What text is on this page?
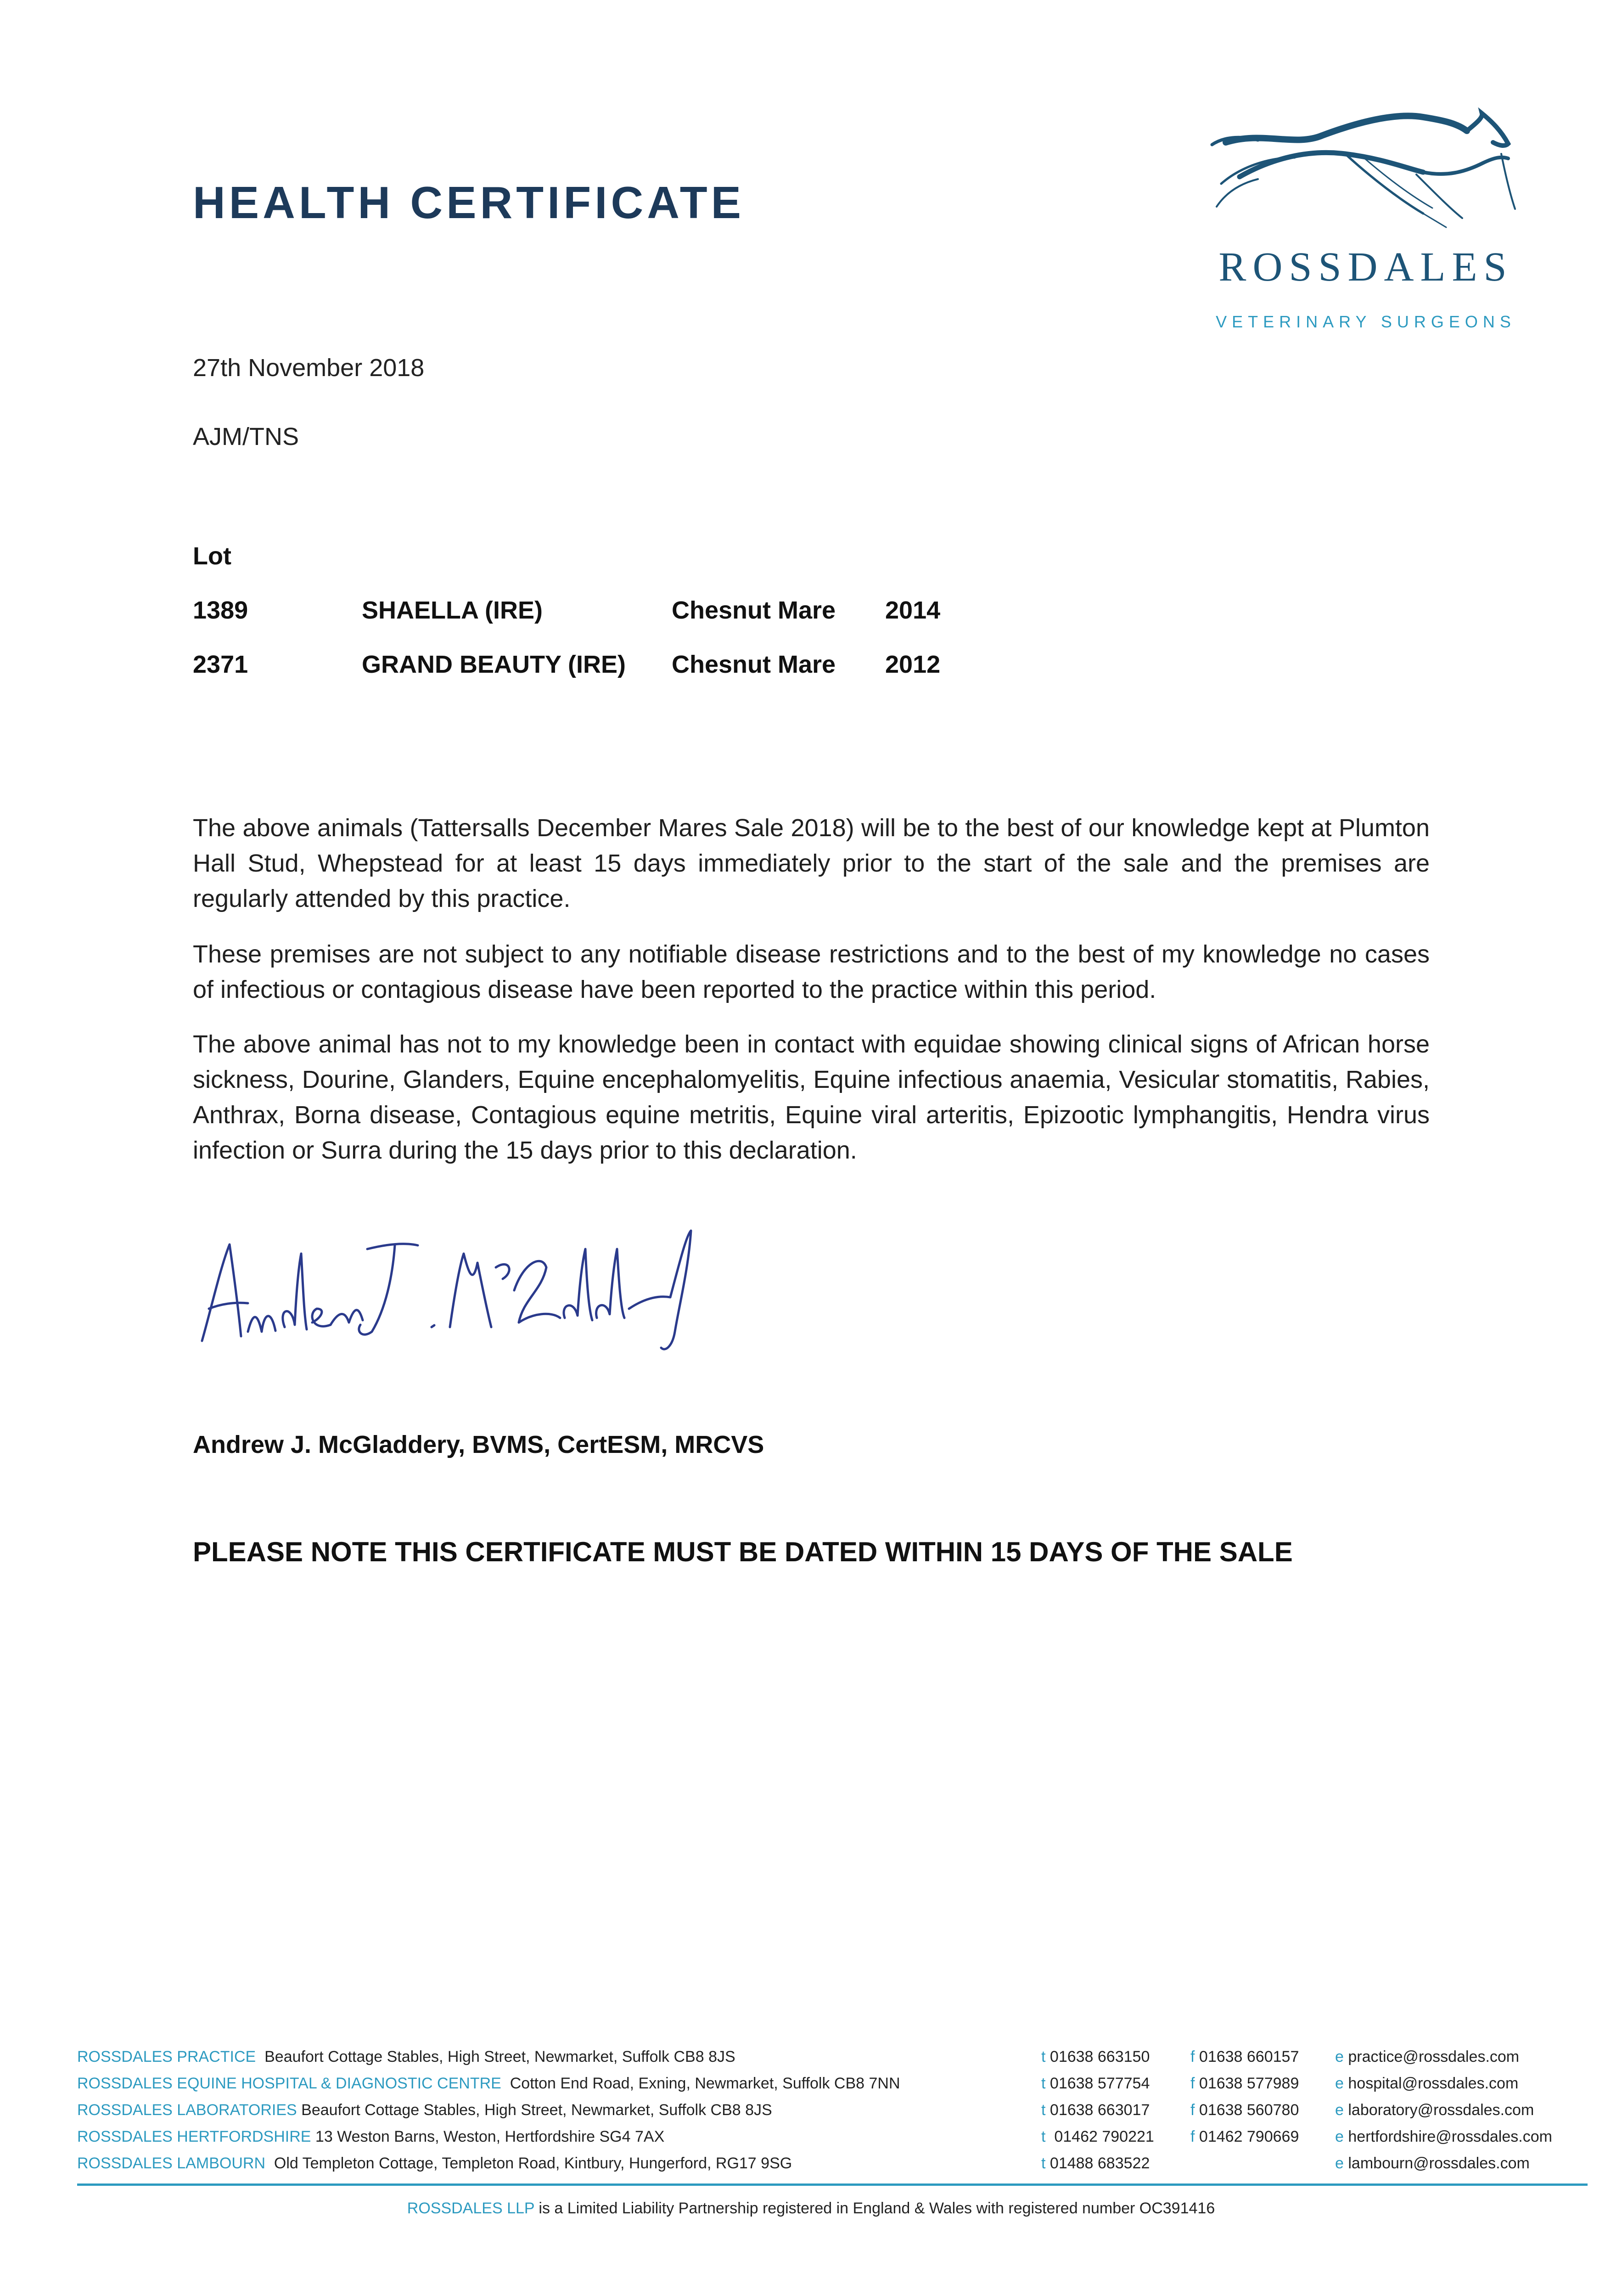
HEALTH CERTIFICATE
ROSSDALES
VETERINARY SURGEONS
27th November 2018
AJM/TNS
Lot
1389	SHAELLA (IRE)	Chesnut Mare 2014
2371	GRAND BEAUTY (IRE) Chesnut Mare 2012

The above animals (Tattersalls December Mares Sale 2018) will be to the best of our knowledge kept at Plumton Hall Stud, Whepstead for at least 15 days immediately prior to the start of the sale and the premises are regularly attended by this practice.

These premises are not subject to any notifiable disease restrictions and to the best of my knowledge no cases of infectious or contagious disease have been reported to the practice within this period.

The above animal has not to my knowledge been in contact with equidae showing clinical signs of African horse sickness, Dourine, Glanders, Equine encephalomyelitis, Equine infectious anaemia, Vesicular stomatitis, Rabies, Anthrax, Borna disease, Contagious equine metritis, Equine viral arteritis, Epizootic lymphangitis, Hendra virus infection or Surra during the 15 days prior to this declaration.

Andrew J. McGladdery, BVMS, CertESM, MRCVS
PLEASE NOTE THIS CERTIFICATE MUST BE DATED WITHIN 15 DAYS OF THE SALE
ROSSDALES PRACTICE Beaufort Cottage Stables, High Street, Newmarket, Suffolk CB8 8JS	t 01638 663150	f 01638 660157 e practice@rossdales.com
ROSSDALES EQUINE HOSPITAL & DIAGNOSTIC CENTRE Cotton End Road, Exning, Newmarket, Suffolk CB8 7NN	t 01638 577754	f 01638 577989 e hospital@rossdales.com
ROSSDALES LABORATORIES Beaufort Cottage Stables, High Street, Newmarket, Suffolk CB8 8JS	t 01638 663017	f 01638 560780 e laboratory@rossdales.com
ROSSDALES HERTFORDSHIRE 13 Weston Barns, Weston, Hertfordshire SG4 7AX	t 01462 790221 f 01462 790669 e hertfordshire@rossdales.com
ROSSDALES LAMBOURN Old Templeton Cottage, Templeton Road, Kintbury, Hungerford, RG17 9SG	t 01488 683522	e lambourn@rossdales.com
ROSSDALES LLP is a Limited Liability Partnership registered in England & Wales with registered number OC391416
